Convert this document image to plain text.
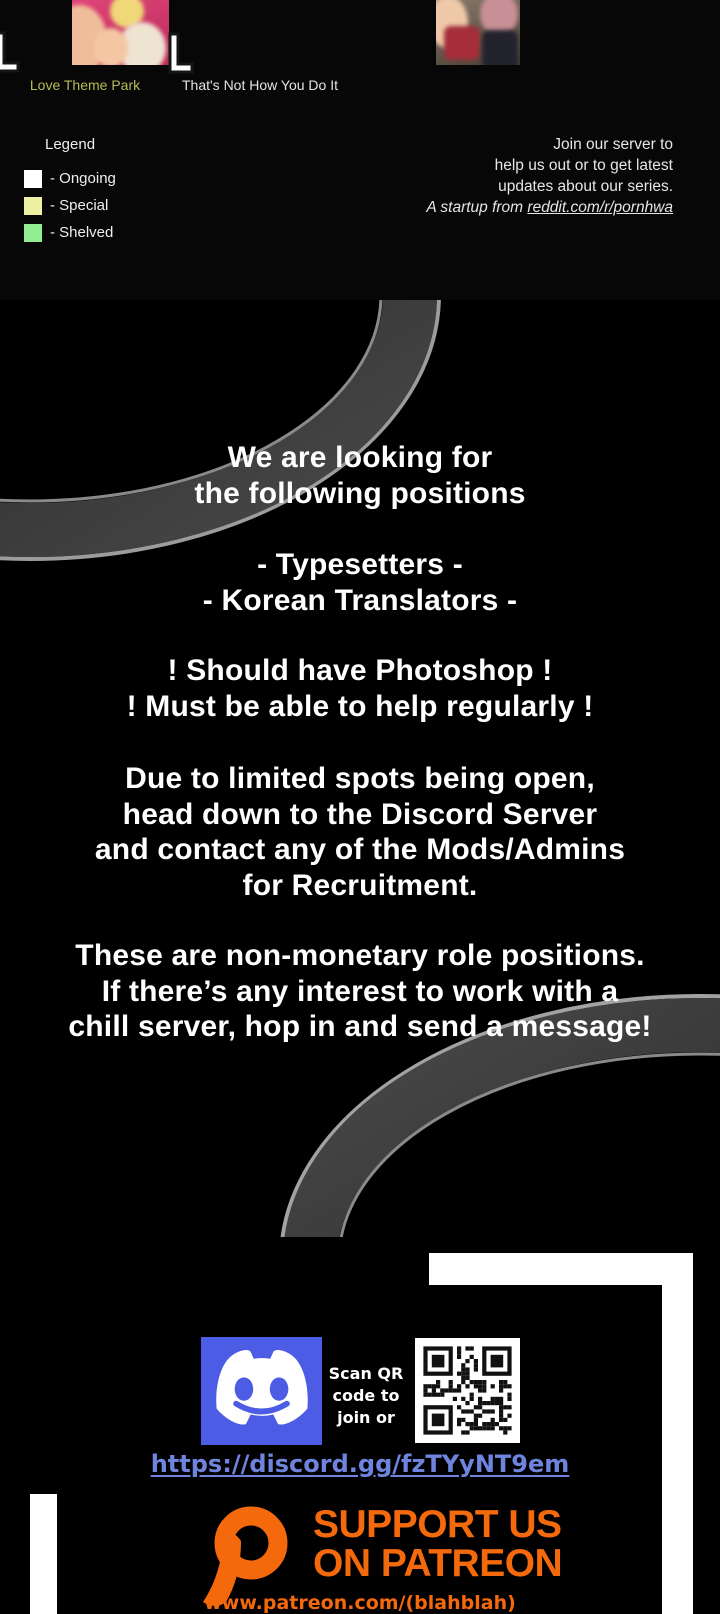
Love Theme Park	That's Not How You Do It
Legend
- Ongoing
- Special
- Shelved
Join our server to
help us out or to get latest
updates about our series.
A startup from reddit.com/r/pornhwa
We are looking for
the following positions
- Typesetters -
- Korean Translators -
! Should have Photoshop !
! Must be able to help regularly !
Due to limited spots being open,
head down to the Discord Server
and contact any of the Mods/Admins
for Recruitment.
These are non-monetary role positions.
If there’s any interest to work with a
chill server, hop in and send a message!
Scan QR
code to
join or
https://discord.gg/fzTYyNT9em
SUPPORT US
ON PATREON
www.patreon.com/(blahblah)
